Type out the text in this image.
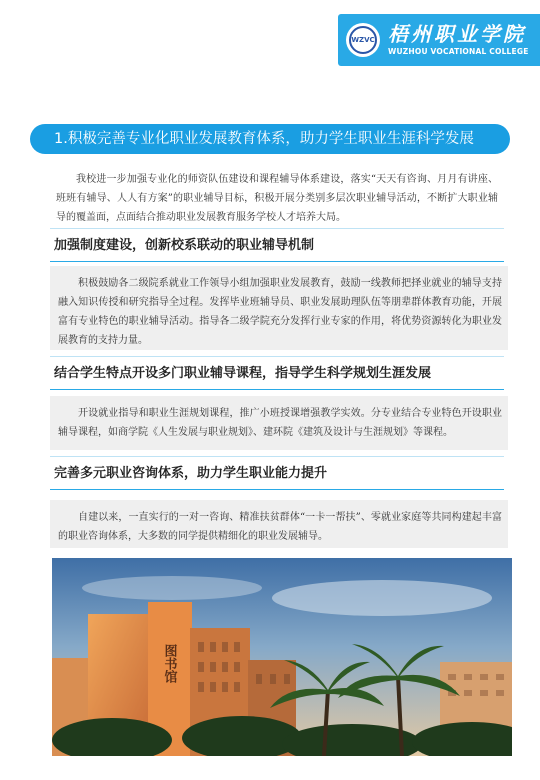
WZVC 梧州职业学院
WUZHOU VOCATIONAL COLLEGE
1.积极完善专业化职业发展教育体系，助力学生职业生涯科学发展

我校进一步加强专业化的师资队伍建设和课程辅导体系建设，落实“天天有咨询、月月有讲座、班班有辅导、人人有方案”的职业辅导目标，积极开展分类别多层次职业辅导活动，不断扩大职业辅导的覆盖面，点面结合推动职业发展教育服务学校人才培养大局。

加强制度建设，创新校系联动的职业辅导机制

积极鼓励各二级院系就业工作领导小组加强职业发展教育，鼓励一线教师把择业就业的辅导支持融入知识传授和研究指导全过程。发挥毕业班辅导员、职业发展助理队伍等朋辈群体教育功能，开展富有专业特色的职业辅导活动。指导各二级学院充分发挥行业专家的作用，将优势资源转化为职业发展教育的支持力量。

结合学生特点开设多门职业辅导课程，指导学生科学规划生涯发展

开设就业指导和职业生涯规划课程，推广小班授课增强教学实效。分专业结合专业特色开设职业辅导课程，如商学院《人生发展与职业规划》、建环院《建筑及设计与生涯规划》等课程。

完善多元职业咨询体系，助力学生职业能力提升

自建以来，一直实行的一对一咨询、精准扶贫群体“一卡一帮扶”、零就业家庭等共同构建起丰富的职业咨询体系，大多数的同学提供精细化的职业发展辅导。

图书馆
